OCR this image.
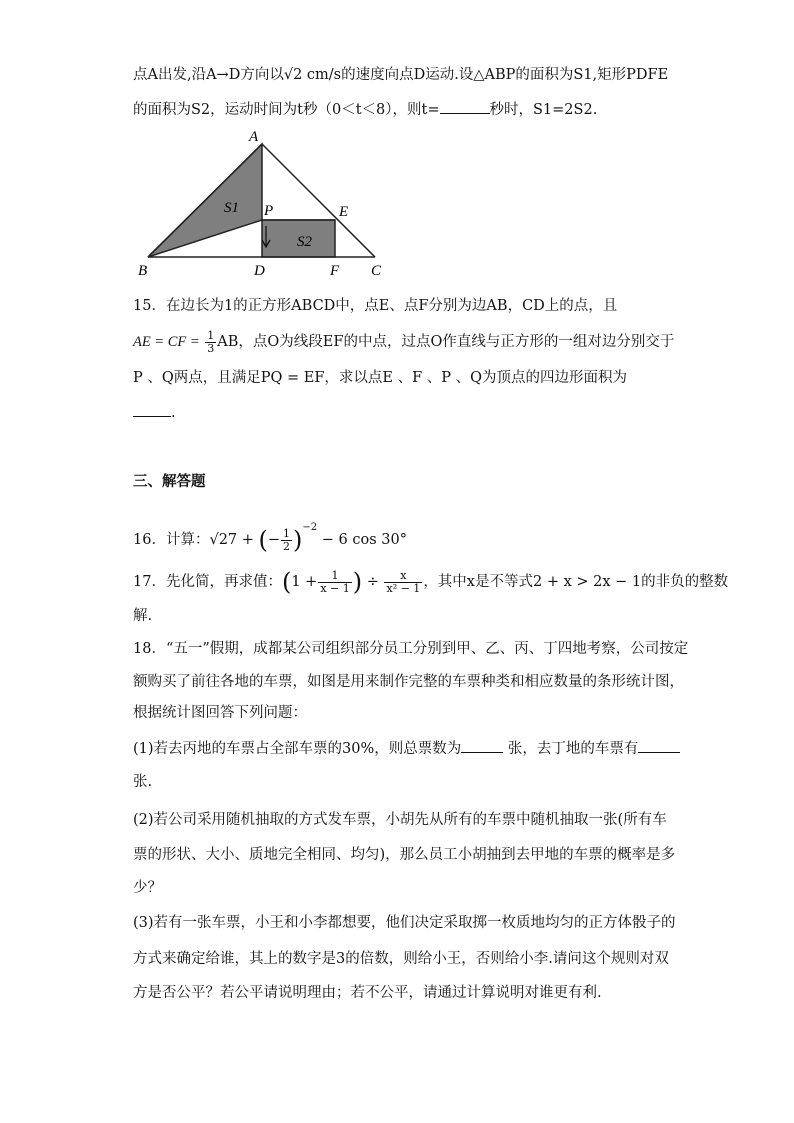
点A出发,沿A→D方向以√2 cm/s的速度向点D运动.设△ABP的面积为S1,矩形PDFE
的面积为S2，运动时间为t秒（0＜t＜8），则t=	秒时，S1=2S2.
A
B	C
D	F
E
P
S1
S2
15．在边长为1的正方形ABCD中，点E、点F分别为边AB，CD上的点，且
AE = CF = $\frac{1}{3}$ AB，点O为线段EF的中点，过点O作直线与正方形的一组对边分别交于
P 、Q两点，且满足PQ = EF，求以点E 、F 、P 、Q为顶点的四边形面积为
.
三、解答题
16．计算：√27 + (− $\frac{1}{2} )^{-2} - 6$ cos 30°
17．先化简，再求值：($1 + \frac{1}{x - 1}$ ) ÷ $\frac{x}{\text{x² − 1}}$ ，其中x是不等式2 + x > 2x − 1的非负的整数
解.
18．“五一”假期，成都某公司组织部分员工分别到甲、乙、丙、丁四地考察，公司按定
额购买了前往各地的车票，如图是用来制作完整的车票种类和相应数量的条形统计图，
根据统计图回答下列问题：
(1)若去丙地的车票占全部车票的30%，则总票数为	张，去丁地的车票有
张.
(2)若公司采用随机抽取的方式发车票，小胡先从所有的车票中随机抽取一张(所有车
票的形状、大小、质地完全相同、均匀)，那么员工小胡抽到去甲地的车票的概率是多
少？
(3)若有一张车票，小王和小李都想要，他们决定采取掷一枚质地均匀的正方体骰子的
方式来确定给谁，其上的数字是3的倍数，则给小王，否则给小李.请问这个规则对双
方是否公平？若公平请说明理由；若不公平，请通过计算说明对谁更有利.
